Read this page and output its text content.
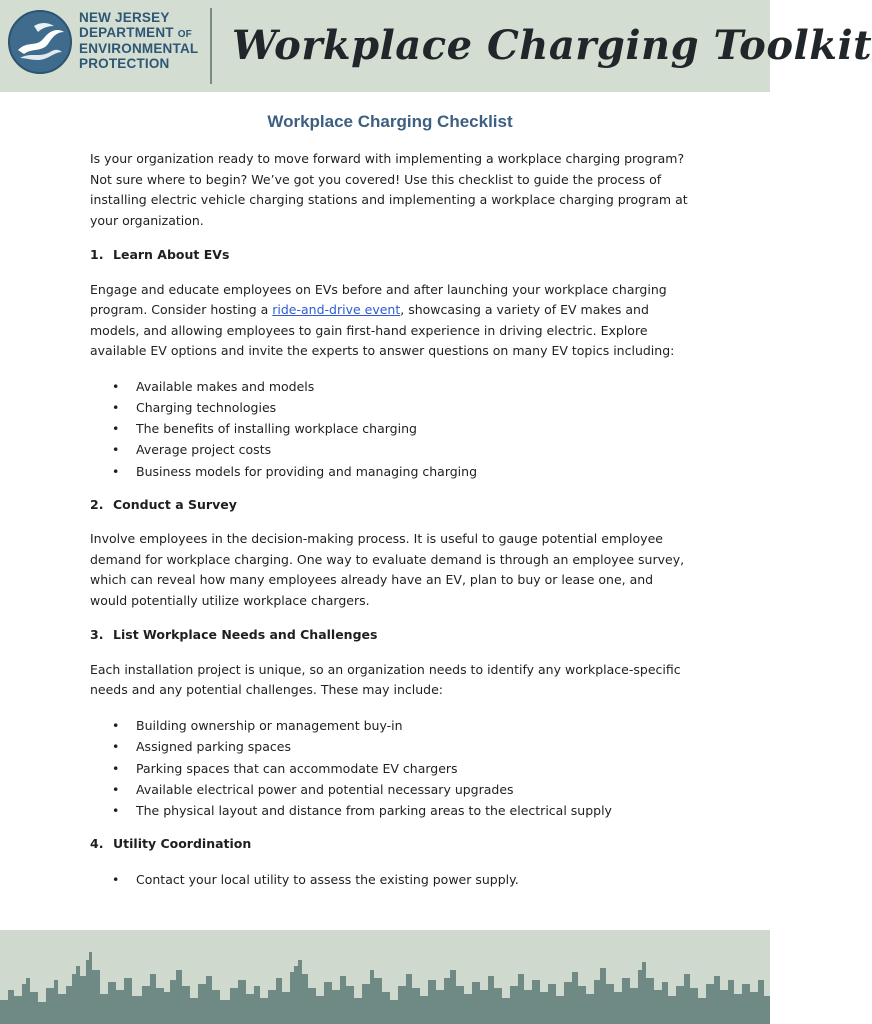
NEW JERSEY
DEPARTMENT OF
ENVIRONMENTAL
PROTECTION	Workplace Charging Toolkit
Workplace Charging Checklist

Is your organization ready to move forward with implementing a workplace charging program? Not sure where to begin? We’ve got you covered! Use this checklist to guide the process of installing electric vehicle charging stations and implementing a workplace charging program at your organization.

1. Learn About EVs

Engage and educate employees on EVs before and after launching your workplace charging program. Consider hosting a ride-and-drive event, showcasing a variety of EV makes and models, and allowing employees to gain first-hand experience in driving electric. Explore available EV options and invite the experts to answer questions on many EV topics including:

• Available makes and models
• Charging technologies
• The benefits of installing workplace charging
• Average project costs
• Business models for providing and managing charging

2. Conduct a Survey

Involve employees in the decision-making process. It is useful to gauge potential employee demand for workplace charging. One way to evaluate demand is through an employee survey, which can reveal how many employees already have an EV, plan to buy or lease one, and would potentially utilize workplace chargers.

3. List Workplace Needs and Challenges

Each installation project is unique, so an organization needs to identify any workplace-specific needs and any potential challenges. These may include:

• Building ownership or management buy-in
• Assigned parking spaces
• Parking spaces that can accommodate EV chargers
• Available electrical power and potential necessary upgrades
• The physical layout and distance from parking areas to the electrical supply

4. Utility Coordination

• Contact your local utility to assess the existing power supply.
